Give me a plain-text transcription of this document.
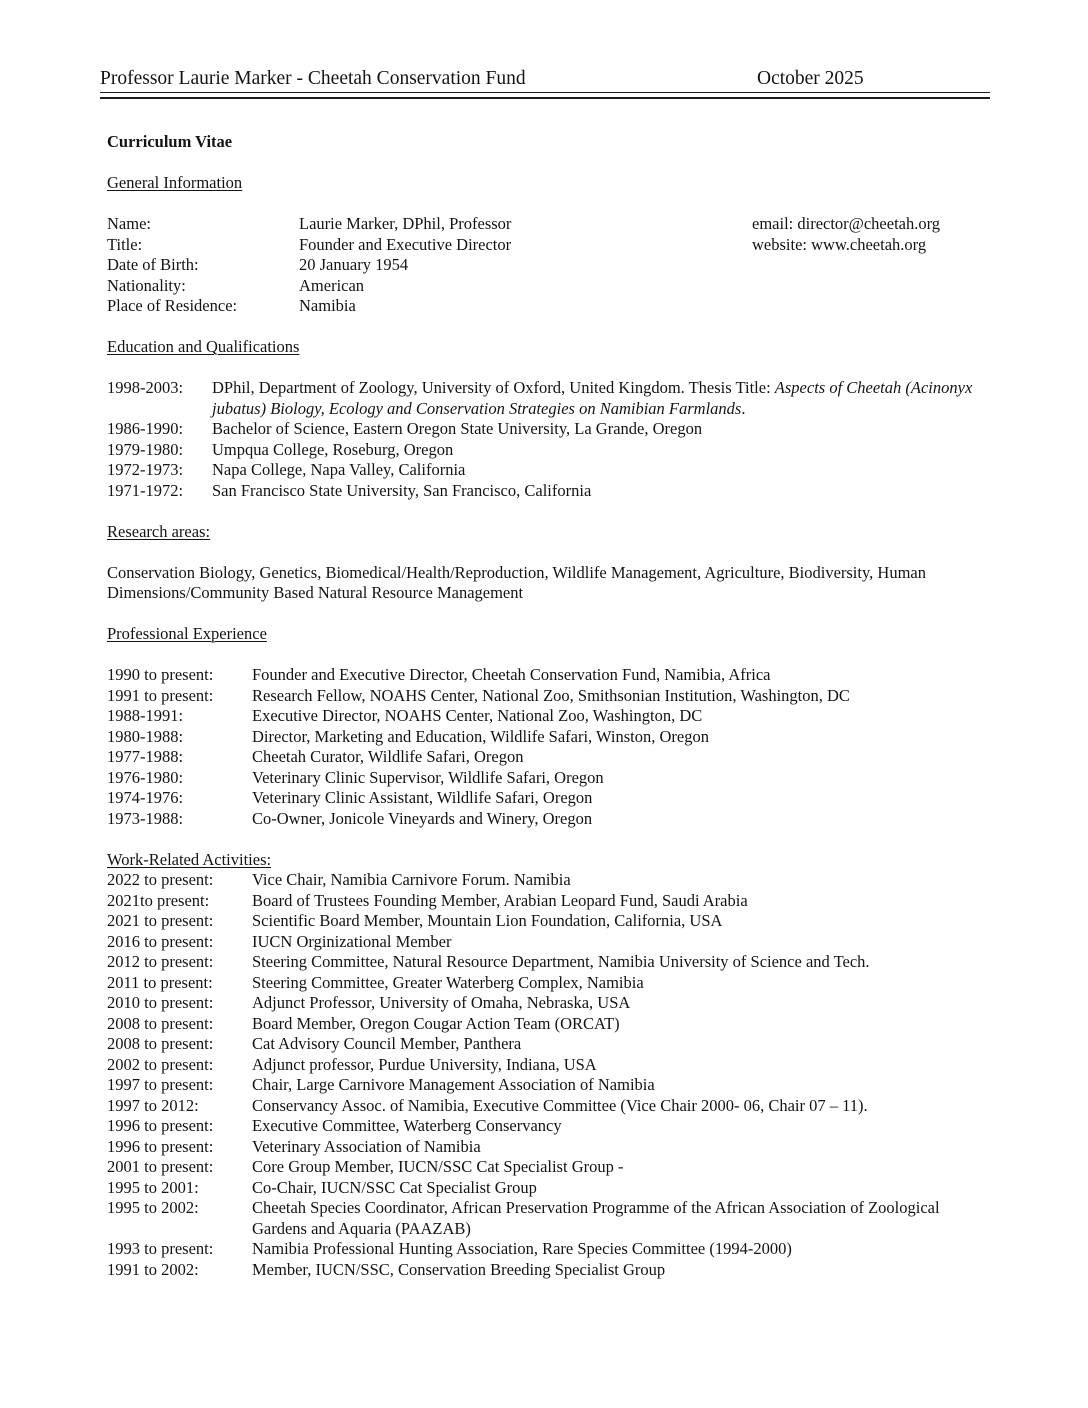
Professor Laurie Marker - Cheetah Conservation Fund	October 2025
Curriculum Vitae
General Information
Name:	Laurie Marker, DPhil, Professor	email: director@cheetah.org
Title:	Founder and Executive Director	website: www.cheetah.org
Date of Birth:	20 January 1954
Nationality:	American
Place of Residence:	Namibia
Education and Qualifications
1998-2003:	DPhil, Department of Zoology, University of Oxford, United Kingdom. Thesis Title: Aspects of Cheetah (Acinonyx jubatus) Biology, Ecology and Conservation Strategies on Namibian Farmlands.
1986-1990:	Bachelor of Science, Eastern Oregon State University, La Grande, Oregon
1979-1980:	Umpqua College, Roseburg, Oregon
1972-1973:	Napa College, Napa Valley, California
1971-1972:	San Francisco State University, San Francisco, California
Research areas:
Conservation Biology, Genetics, Biomedical/Health/Reproduction, Wildlife Management, Agriculture, Biodiversity, Human Dimensions/Community Based Natural Resource Management
Professional Experience
1990 to present:	Founder and Executive Director, Cheetah Conservation Fund, Namibia, Africa
1991 to present:	Research Fellow, NOAHS Center, National Zoo, Smithsonian Institution, Washington, DC
1988-1991:	Executive Director, NOAHS Center, National Zoo, Washington, DC
1980-1988:	Director, Marketing and Education, Wildlife Safari, Winston, Oregon
1977-1988:	Cheetah Curator, Wildlife Safari, Oregon
1976-1980:	Veterinary Clinic Supervisor, Wildlife Safari, Oregon
1974-1976:	Veterinary Clinic Assistant, Wildlife Safari, Oregon
1973-1988:	Co-Owner, Jonicole Vineyards and Winery, Oregon
Work-Related Activities:
2022 to present:	Vice Chair, Namibia Carnivore Forum. Namibia
2021to present:	Board of Trustees Founding Member, Arabian Leopard Fund, Saudi Arabia
2021 to present:	Scientific Board Member, Mountain Lion Foundation, California, USA
2016 to present:	IUCN Orginizational Member
2012 to present:	Steering Committee, Natural Resource Department, Namibia University of Science and Tech.
2011 to present:	Steering Committee, Greater Waterberg Complex, Namibia
2010 to present:	Adjunct Professor, University of Omaha, Nebraska, USA
2008 to present:	Board Member, Oregon Cougar Action Team (ORCAT)
2008 to present:	Cat Advisory Council Member, Panthera
2002 to present:	Adjunct professor, Purdue University, Indiana, USA
1997 to present:	Chair, Large Carnivore Management Association of Namibia
1997 to 2012:	Conservancy Assoc. of Namibia, Executive Committee (Vice Chair 2000- 06, Chair 07 – 11).
1996 to present:	Executive Committee, Waterberg Conservancy
1996 to present:	Veterinary Association of Namibia
2001 to present:	Core Group Member, IUCN/SSC Cat Specialist Group -
1995 to 2001:	Co-Chair, IUCN/SSC Cat Specialist Group
1995 to 2002:	Cheetah Species Coordinator, African Preservation Programme of the African Association of Zoological Gardens and Aquaria (PAAZAB)
1993 to present:	Namibia Professional Hunting Association, Rare Species Committee (1994-2000)
1991 to 2002:	Member, IUCN/SSC, Conservation Breeding Specialist Group
